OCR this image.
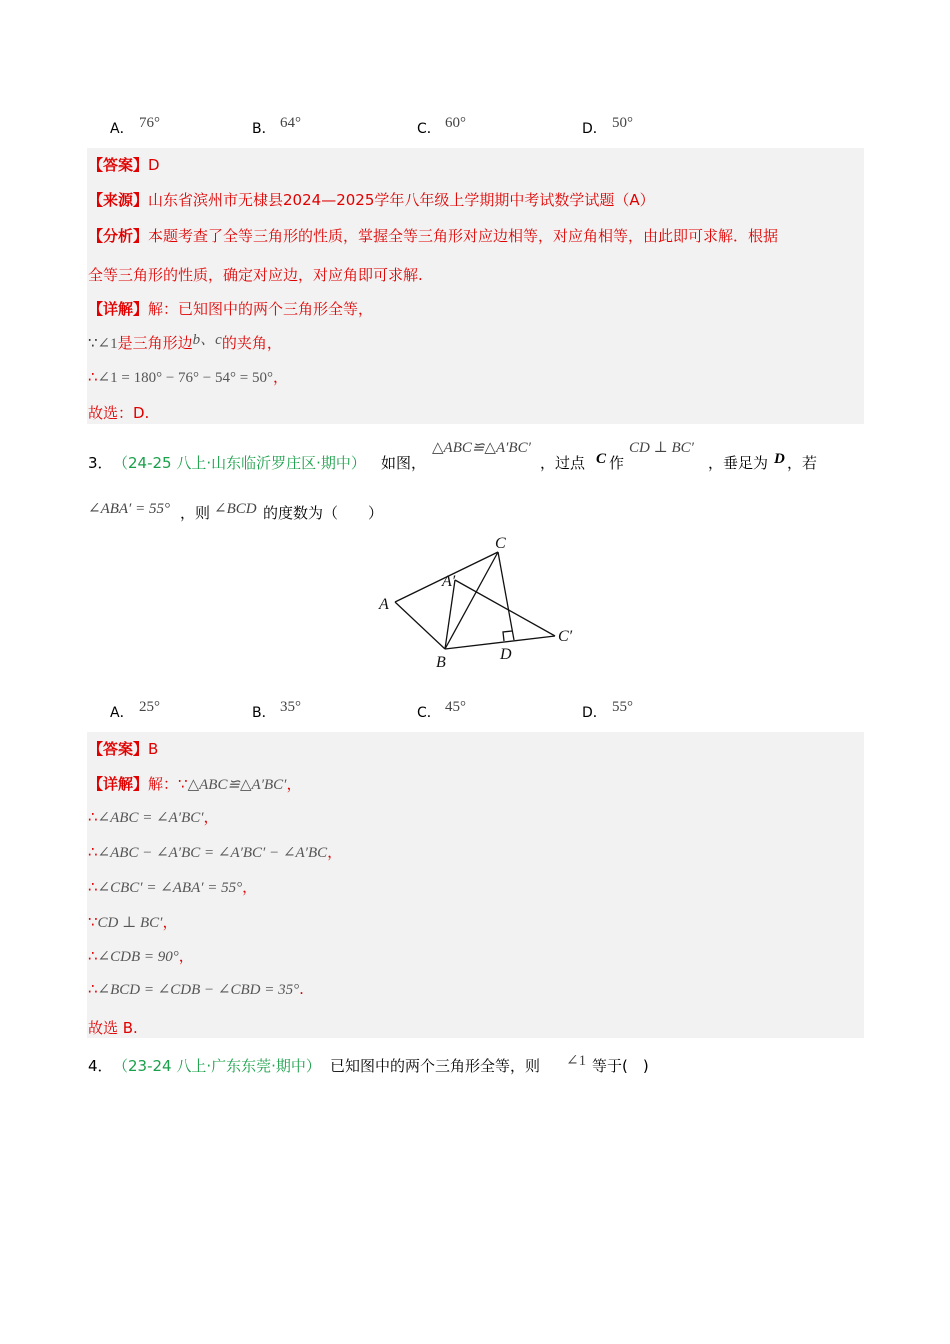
A． 76°	B． 64°	C． 60°	D． 50°
【答案】D
【来源】山东省滨州市无棣县2024—2025学年八年级上学期期中考试数学试题（A）
【分析】本题考查了全等三角形的性质，掌握全等三角形对应边相等，对应角相等，由此即可求解．根据
全等三角形的性质，确定对应边，对应角即可求解.
【详解】解：已知图中的两个三角形全等，
∵∠1是三角形边b、c的夹角，
∴∠1 = 180° − 76° − 54° = 50°，
故选：D.
3． （24-25 八上·山东临沂罗庄区·期中） 如图，
△ABC≌△A′BC′
，过点 C 作
CD ⊥ BC′
，垂足为 D ，若
∠ABA′ = 55° ，则 ∠BCD 的度数为（　　）
C
A′
A
B	D
C′
A． 25°	B． 35°	C． 45°	D． 55°
【答案】B
【详解】解：∵△ABC≌△A′BC′，
∴∠ABC = ∠A′BC′，
∴∠ABC − ∠A′BC = ∠A′BC′ − ∠A′BC，
∴∠CBC′ = ∠ABA′ = 55°，
∵CD ⊥ BC′，
∴∠CDB = 90°，
∴∠BCD = ∠CDB − ∠CBD = 35°.
故选 B.
4． （23-24 八上·广东东莞·期中） 已知图中的两个三角形全等，则 ∠1 等于(　)
